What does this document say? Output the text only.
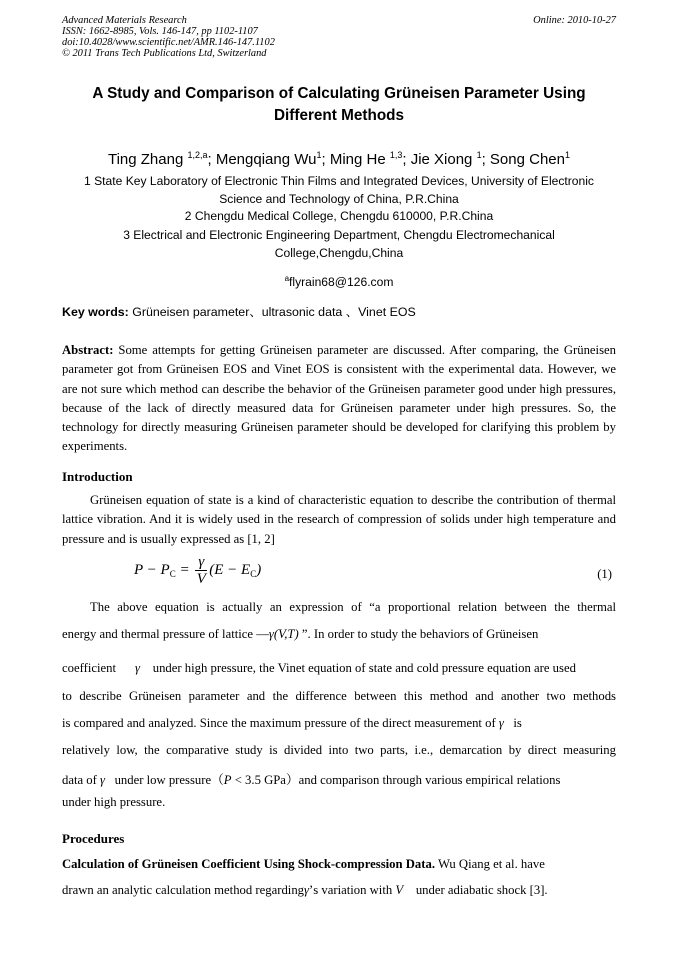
Advanced Materials Research
ISSN: 1662-8985, Vols. 146-147, pp 1102-1107
doi:10.4028/www.scientific.net/AMR.146-147.1102
© 2011 Trans Tech Publications Ltd, Switzerland
Online: 2010-10-27
A Study and Comparison of Calculating Grüneisen Parameter Using
Different Methods
Ting Zhang $^{1,2,a}$; Mengqiang Wu$^1$; Ming He $^{1,3}$; Jie Xiong $^1$; Song Chen$^1$
1 State Key Laboratory of Electronic Thin Films and Integrated Devices, University of Electronic
Science and Technology of China, P.R.China
2 Chengdu Medical College, Chengdu 610000, P.R.China
3 Electrical and Electronic Engineering Department, Chengdu Electromechanical
College,Chengdu,China
$^a$flyrain68@126.com
Key words: Grüneisen parameter、ultrasonic data 、Vinet EOS
Abstract: Some attempts for getting Grüneisen parameter are discussed. After comparing, the Grüneisen parameter got from Grüneisen EOS and Vinet EOS is consistent with the experimental data. However, we are not sure which method can describe the behavior of the Grüneisen parameter good under high pressures, because of the lack of directly measured data for Grüneisen parameter under high pressures. So, the technology for directly measuring Grüneisen parameter should be developed for clarifying this problem by experiments.
Introduction
Grüneisen equation of state is a kind of characteristic equation to describe the contribution of thermal lattice vibration. And it is widely used in the research of compression of solids under high temperature and pressure and is usually expressed as [1, 2]
$P - P_C = \frac{\gamma}{V} (E - E_C)$	(1)
The above equation is actually an expression of “a proportional relation between the thermal
energy and thermal pressure of lattice —γ(V,T) ”. In order to study the behaviors of Grüneisen
coefficient γ under high pressure, the Vinet equation of state and cold pressure equation are used
to describe Grüneisen parameter and the difference between this method and another two methods
is compared and analyzed. Since the maximum pressure of the direct measurement of γ is
relatively low, the comparative study is divided into two parts, i.e., demarcation by direct measuring
data of γ under low pressure（P < 3.5 GPa）and comparison through various empirical relations
under high pressure.
Procedures
Calculation of Grüneisen Coefficient Using Shock-compression Data. Wu Qiang et al. have
drawn an analytic calculation method regardingγ’s variation with V under adiabatic shock [3].
